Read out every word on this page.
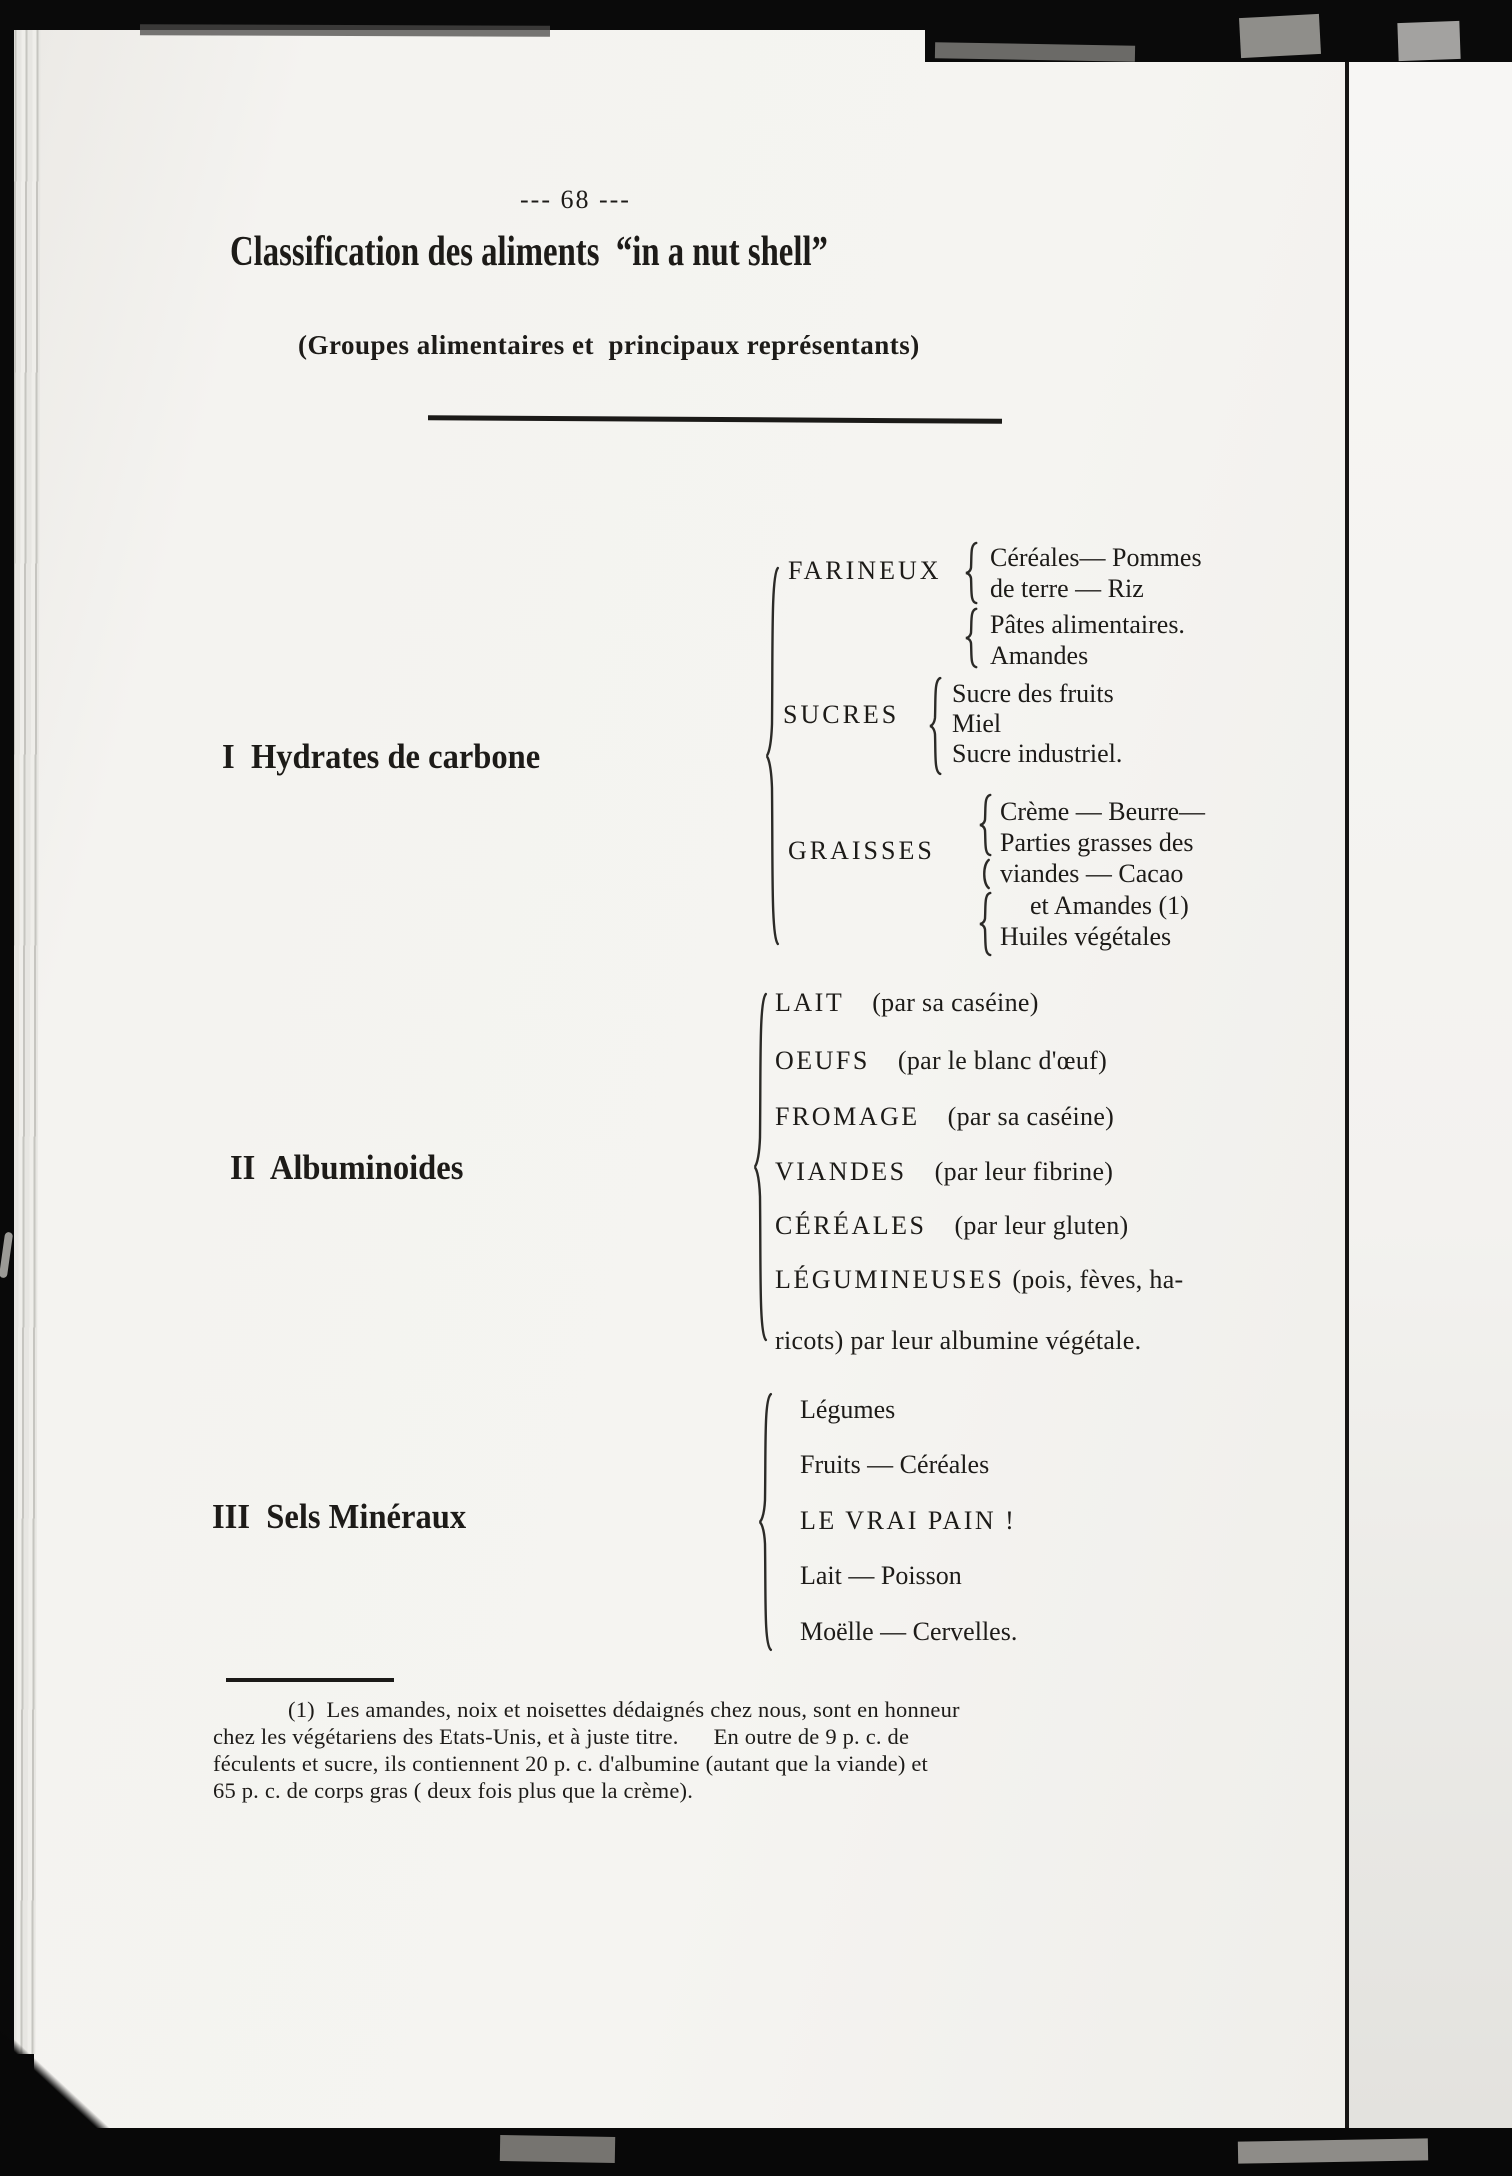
--- 68 ---
Classification des aliments  “in a nut shell”
(Groupes alimentaires et  principaux représentants)
I  Hydrates de carbone
FARINEUX Céréales— Pommes
de terre — Riz
Pâtes alimentaires.
Amandes
SUCRES
Sucre des fruits
Miel
Sucre industriel.
GRAISSES
Crème — Beurre—
Parties grasses des
viandes — Cacao
et Amandes (1)
Huiles végétales
II  Albuminoides
LAIT (par sa caséine)
OEUFS (par le blanc d'œuf)
FROMAGE (par sa caséine)
VIANDES (par leur fibrine)
CÉRÉALES (par leur gluten)
LÉGUMINEUSES (pois, fèves, ha-
ricots) par leur albumine végétale.
III  Sels Minéraux
Légumes
Fruits — Céréales
LE VRAI PAIN !
Lait — Poisson
Moëlle — Cervelles.
(1)  Les amandes, noix et noisettes dédaignés chez nous, sont en honneur
chez les végétariens des Etats-Unis, et à juste titre.      En outre de 9 p. c. de
féculents et sucre, ils contiennent 20 p. c. d'albumine (autant que la viande) et
65 p. c. de corps gras ( deux fois plus que la crème).
